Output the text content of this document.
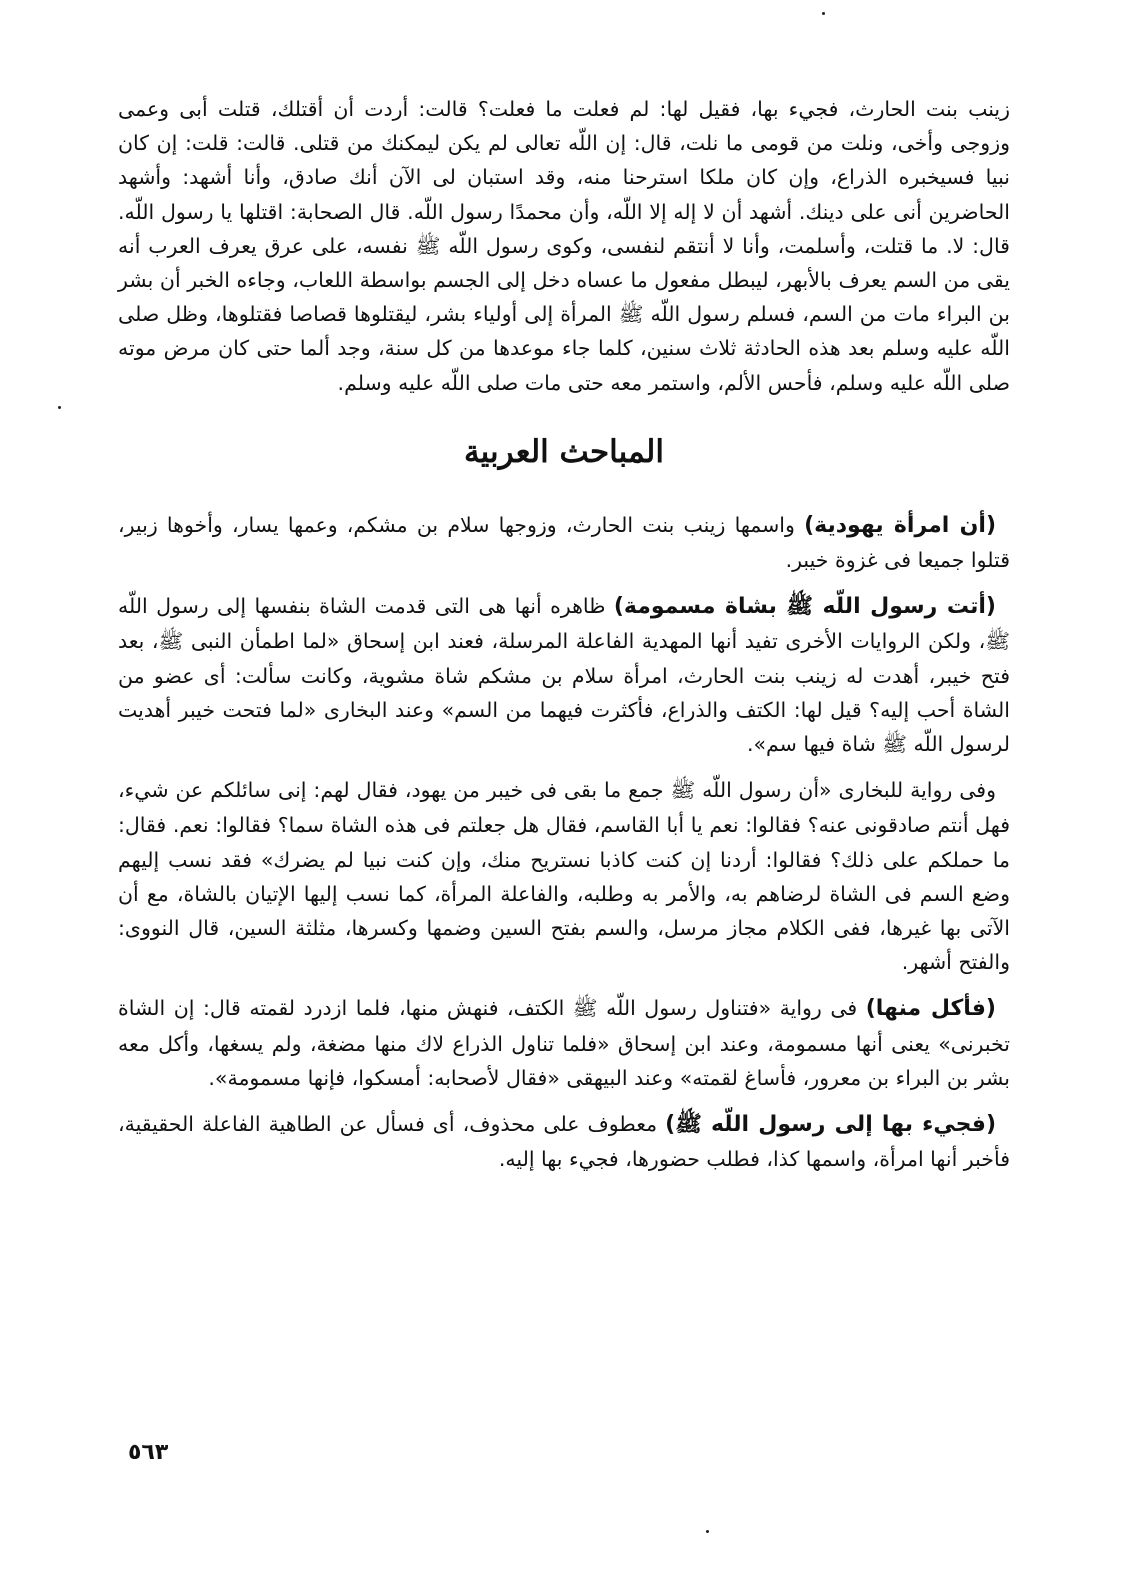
زينب بنت الحارث، فجيء بها، فقيل لها: لم فعلت ما فعلت؟ قالت: أردت أن أقتلك، قتلت أبى وعمى وزوجى وأخى، ونلت من قومى ما نلت، قال: إن اللّه تعالى لم يكن ليمكنك من قتلى. قالت: قلت: إن كان نبيا فسيخبره الذراع، وإن كان ملكا استرحنا منه، وقد استبان لى الآن أنك صادق، وأنا أشهد: وأشهد الحاضرين أنى على دينك. أشهد أن لا إله إلا اللّه، وأن محمدًا رسول اللّه. قال الصحابة: اقتلها يا رسول اللّه. قال: لا. ما قتلت، وأسلمت، وأنا لا أنتقم لنفسى، وكوى رسول اللّه ﷺ نفسه، على عرق يعرف العرب أنه يقى من السم يعرف بالأبهر، ليبطل مفعول ما عساه دخل إلى الجسم بواسطة اللعاب، وجاءه الخبر أن بشر بن البراء مات من السم، فسلم رسول اللّه ﷺ المرأة إلى أولياء بشر، ليقتلوها قصاصا فقتلوها، وظل صلى اللّه عليه وسلم بعد هذه الحادثة ثلاث سنين، كلما جاء موعدها من كل سنة، وجد ألما حتى كان مرض موته صلى اللّه عليه وسلم، فأحس الألم، واستمر معه حتى مات صلى اللّه عليه وسلم.

المباحث العربية

(أن امرأة يهودية) واسمها زينب بنت الحارث، وزوجها سلام بن مشكم، وعمها يسار، وأخوها زبير، قتلوا جميعا فى غزوة خيبر.

(أتت رسول اللّه ﷺ بشاة مسمومة) ظاهره أنها هى التى قدمت الشاة بنفسها إلى رسول اللّه ﷺ، ولكن الروايات الأخرى تفيد أنها المهدية الفاعلة المرسلة، فعند ابن إسحاق «لما اطمأن النبى ﷺ، بعد فتح خيبر، أهدت له زينب بنت الحارث، امرأة سلام بن مشكم شاة مشوية، وكانت سألت: أى عضو من الشاة أحب إليه؟ قيل لها: الكتف والذراع، فأكثرت فيهما من السم» وعند البخارى «لما فتحت خيبر أهديت لرسول اللّه ﷺ شاة فيها سم».

وفى رواية للبخارى «أن رسول اللّه ﷺ جمع ما بقى فى خيبر من يهود، فقال لهم: إنى سائلكم عن شيء، فهل أنتم صادقونى عنه؟ فقالوا: نعم يا أبا القاسم، فقال هل جعلتم فى هذه الشاة سما؟ فقالوا: نعم. فقال: ما حملكم على ذلك؟ فقالوا: أردنا إن كنت كاذبا نستريح منك، وإن كنت نبيا لم يضرك» فقد نسب إليهم وضع السم فى الشاة لرضاهم به، والأمر به وطلبه، والفاعلة المرأة، كما نسب إليها الإتيان بالشاة، مع أن الآتى بها غيرها، ففى الكلام مجاز مرسل، والسم بفتح السين وضمها وكسرها، مثلثة السين، قال النووى: والفتح أشهر.

(فأكل منها) فى رواية «فتناول رسول اللّه ﷺ الكتف، فنهش منها، فلما ازدرد لقمته قال: إن الشاة تخبرنى» يعنى أنها مسمومة، وعند ابن إسحاق «فلما تناول الذراع لاك منها مضغة، ولم يسغها، وأكل معه بشر بن البراء بن معرور، فأساغ لقمته» وعند البيهقى «فقال لأصحابه: أمسكوا، فإنها مسمومة».

(فجيء بها إلى رسول اللّه ﷺ) معطوف على محذوف، أى فسأل عن الطاهية الفاعلة الحقيقية، فأخبر أنها امرأة، واسمها كذا، فطلب حضورها، فجيء بها إليه.

٥٦٣
